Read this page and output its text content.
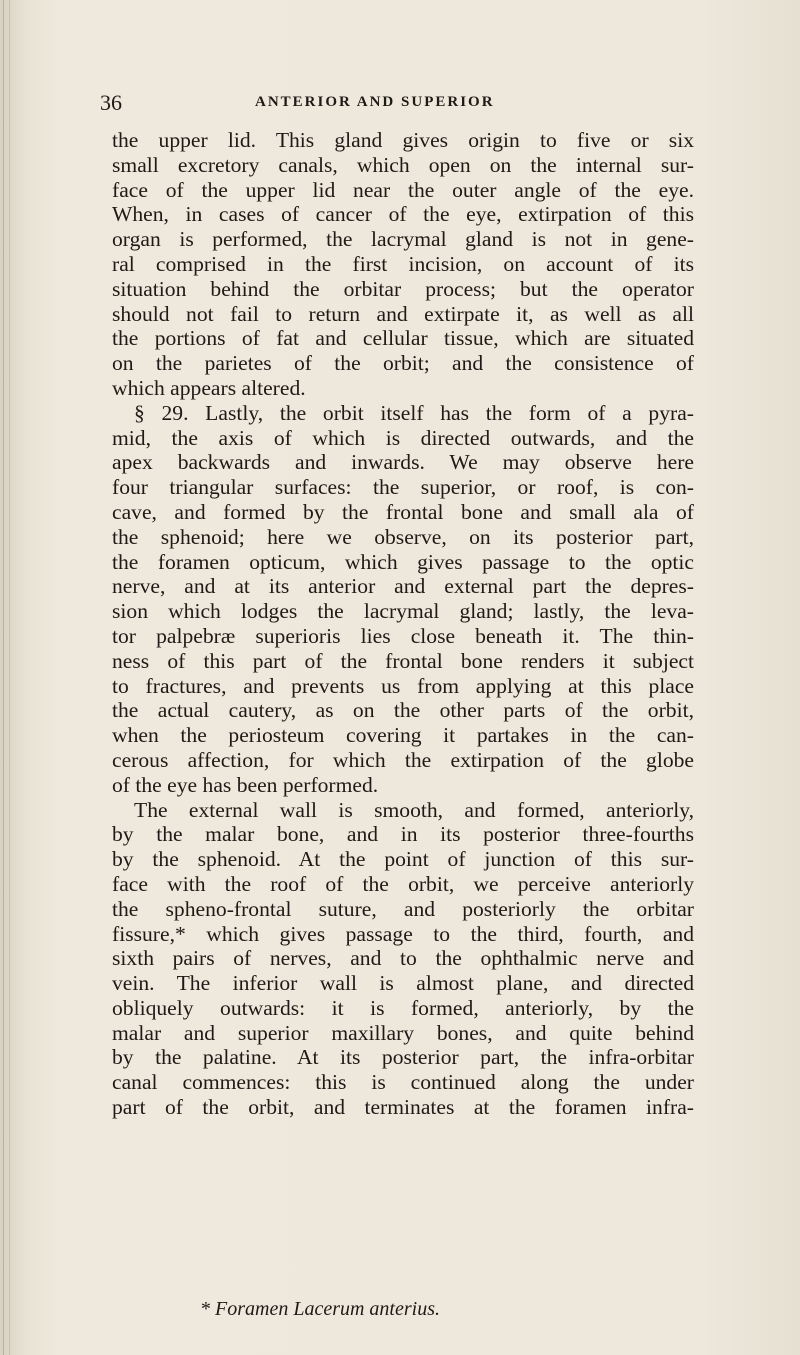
36	ANTERIOR AND SUPERIOR
the upper lid. This gland gives origin to five or six
small excretory canals, which open on the internal sur-
face of the upper lid near the outer angle of the eye.
When, in cases of cancer of the eye, extirpation of this
organ is performed, the lacrymal gland is not in gene-
ral comprised in the first incision, on account of its
situation behind the orbitar process; but the operator
should not fail to return and extirpate it, as well as all
the portions of fat and cellular tissue, which are situated
on the parietes of the orbit; and the consistence of
which appears altered.
§ 29. Lastly, the orbit itself has the form of a pyra-
mid, the axis of which is directed outwards, and the
apex backwards and inwards. We may observe here
four triangular surfaces: the superior, or roof, is con-
cave, and formed by the frontal bone and small ala of
the sphenoid; here we observe, on its posterior part,
the foramen opticum, which gives passage to the optic
nerve, and at its anterior and external part the depres-
sion which lodges the lacrymal gland; lastly, the leva-
tor palpebræ superioris lies close beneath it. The thin-
ness of this part of the frontal bone renders it subject
to fractures, and prevents us from applying at this place
the actual cautery, as on the other parts of the orbit,
when the periosteum covering it partakes in the can-
cerous affection, for which the extirpation of the globe
of the eye has been performed.
The external wall is smooth, and formed, anteriorly,
by the malar bone, and in its posterior three-fourths
by the sphenoid. At the point of junction of this sur-
face with the roof of the orbit, we perceive anteriorly
the spheno-frontal suture, and posteriorly the orbitar
fissure,* which gives passage to the third, fourth, and
sixth pairs of nerves, and to the ophthalmic nerve and
vein. The inferior wall is almost plane, and directed
obliquely outwards: it is formed, anteriorly, by the
malar and superior maxillary bones, and quite behind
by the palatine. At its posterior part, the infra-orbitar
canal commences: this is continued along the under
part of the orbit, and terminates at the foramen infra-
* Foramen Lacerum anterius.
